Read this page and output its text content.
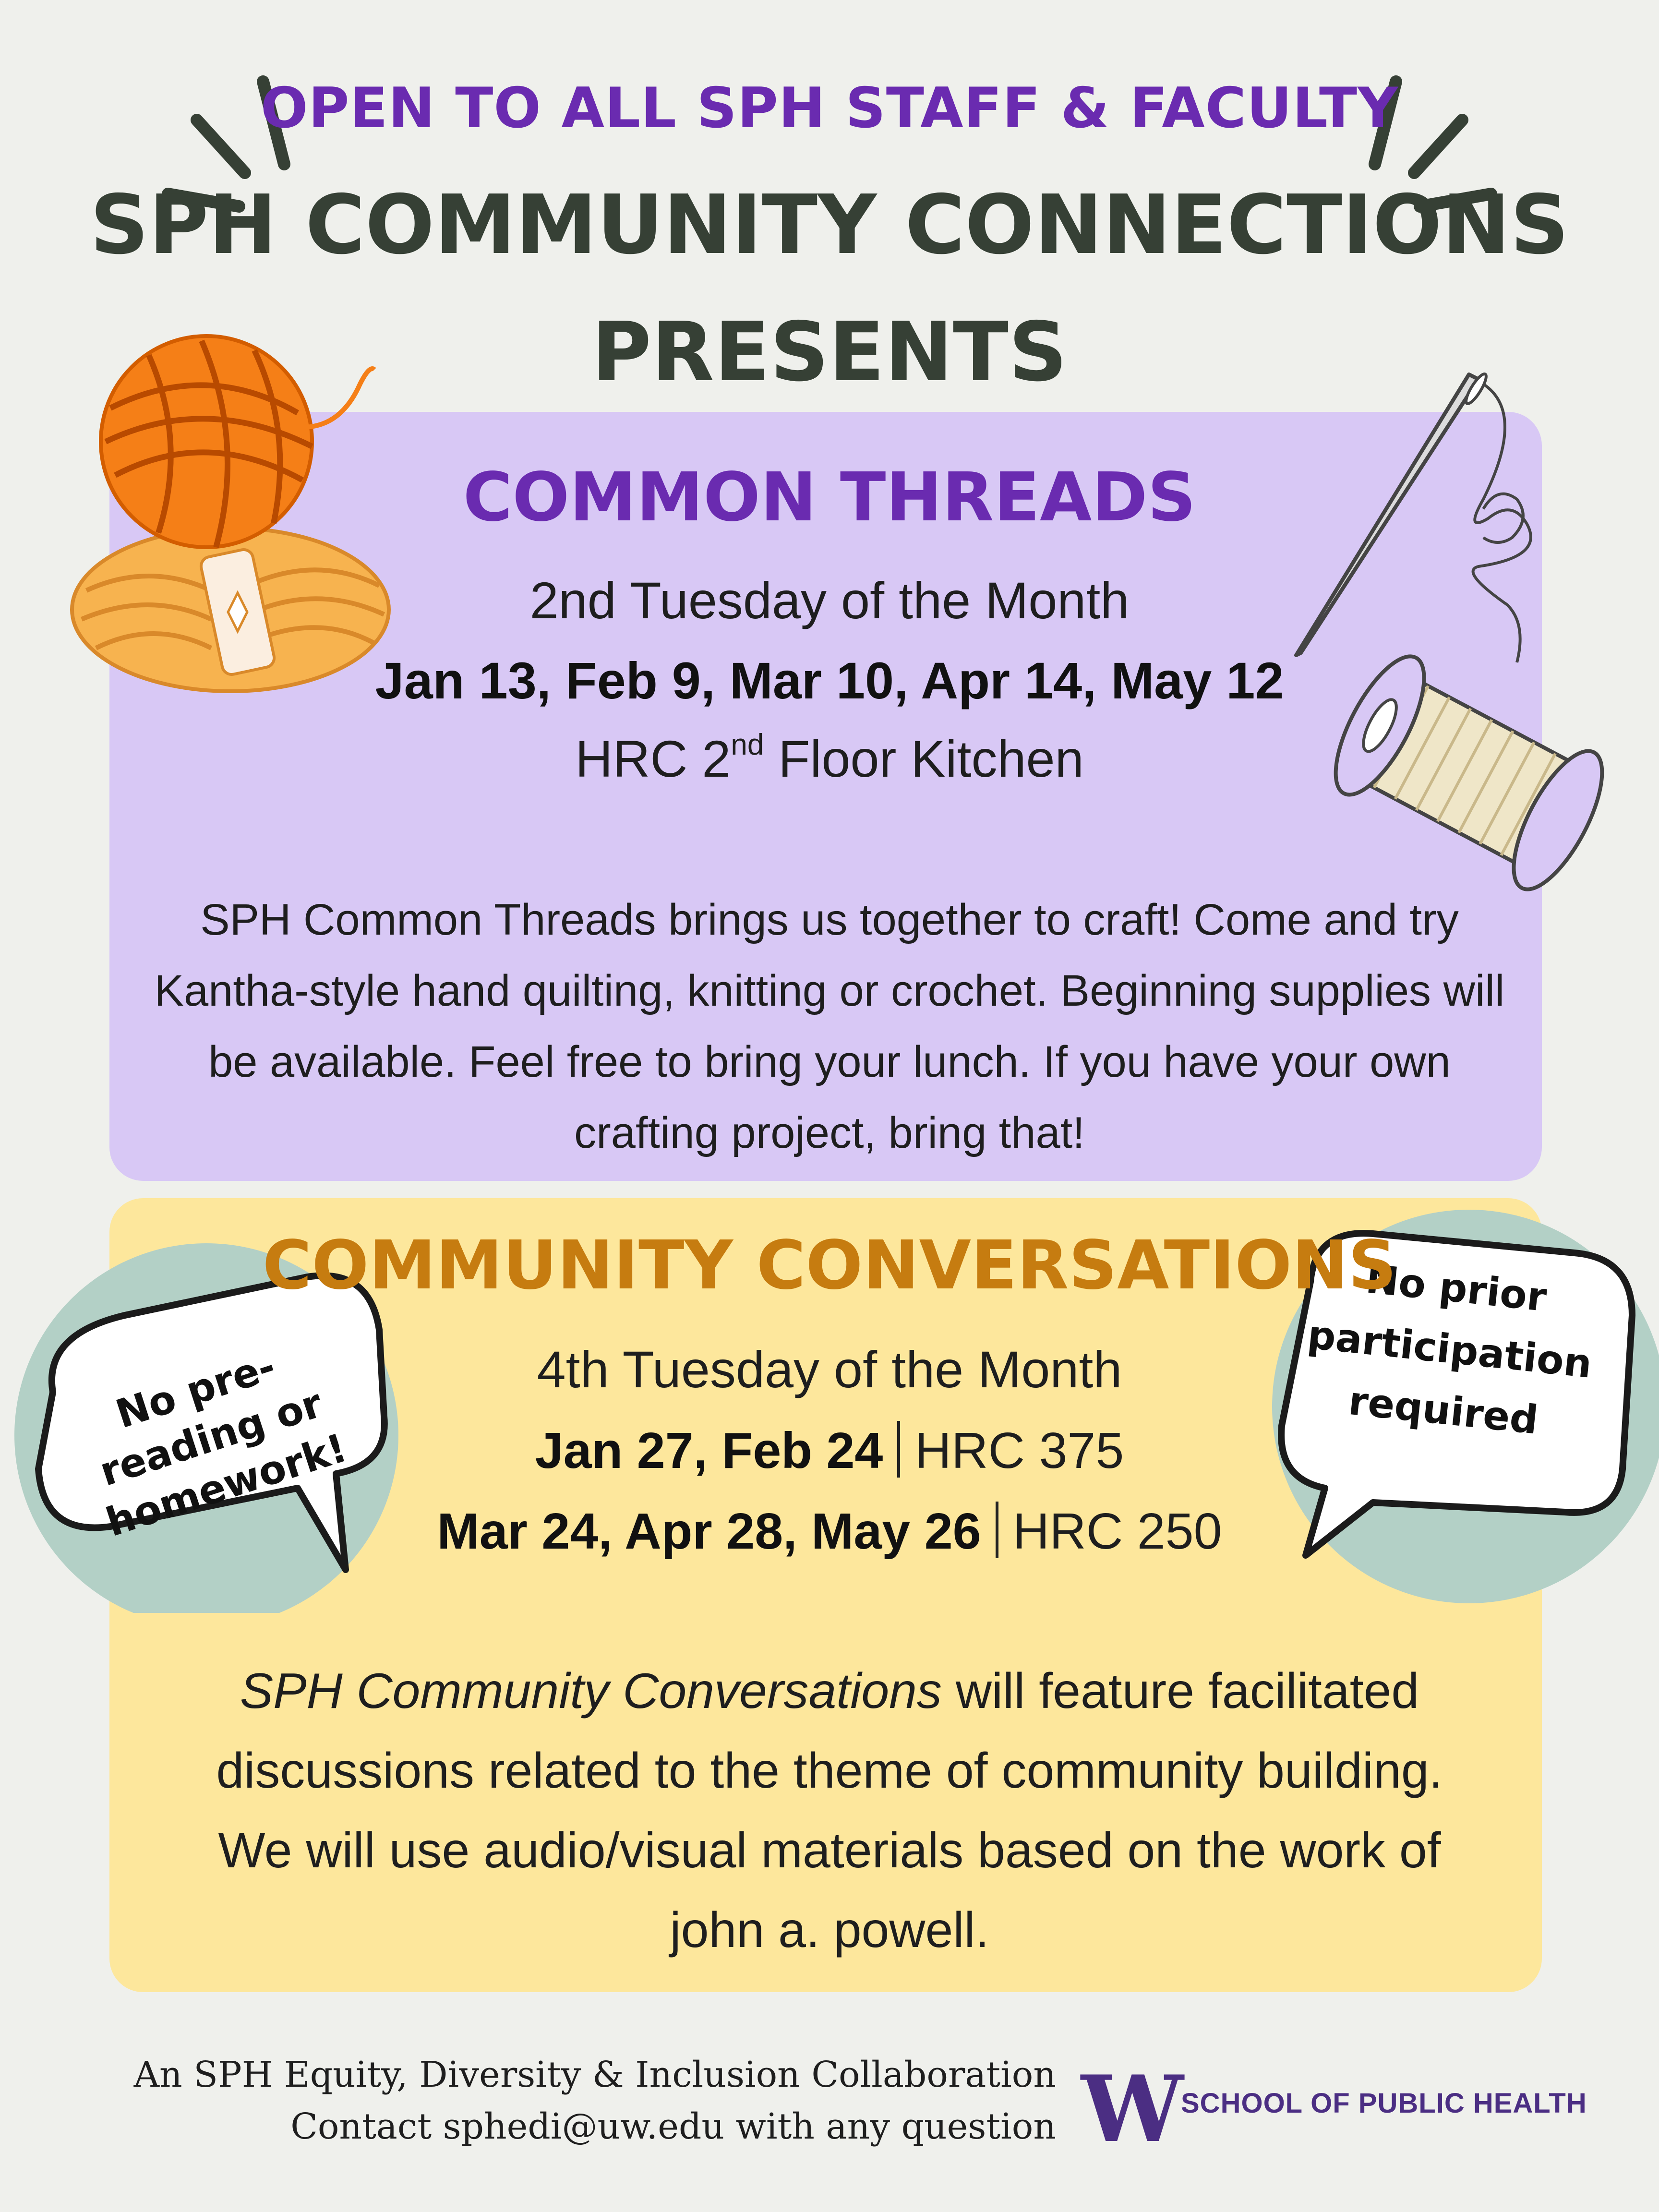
OPEN TO ALL SPH STAFF & FACULTY
SPH COMMUNITY CONNECTIONS
PRESENTS
COMMON THREADS
2nd Tuesday of the Month
Jan 13, Feb 9, Mar 10, Apr 14, May 12
HRC 2nd Floor Kitchen
SPH Common Threads brings us together to craft! Come and try Kantha-style hand quilting, knitting or crochet. Beginning supplies will be available. Feel free to bring your lunch. If you have your own crafting project, bring that!
No pre-reading or homework!
No prior participation required
COMMUNITY CONVERSATIONS
4th Tuesday of the Month
Jan 27, Feb 24 HRC 375
Mar 24, Apr 28, May 26 HRC 250
SPH Community Conversations will feature facilitated discussions related to the theme of community building. We will use audio/visual materials based on the work of john a. powell.
An SPH Equity, Diversity & Inclusion Collaboration
Contact sphedi@uw.edu with any question W
SCHOOL OF PUBLIC HEALTH
